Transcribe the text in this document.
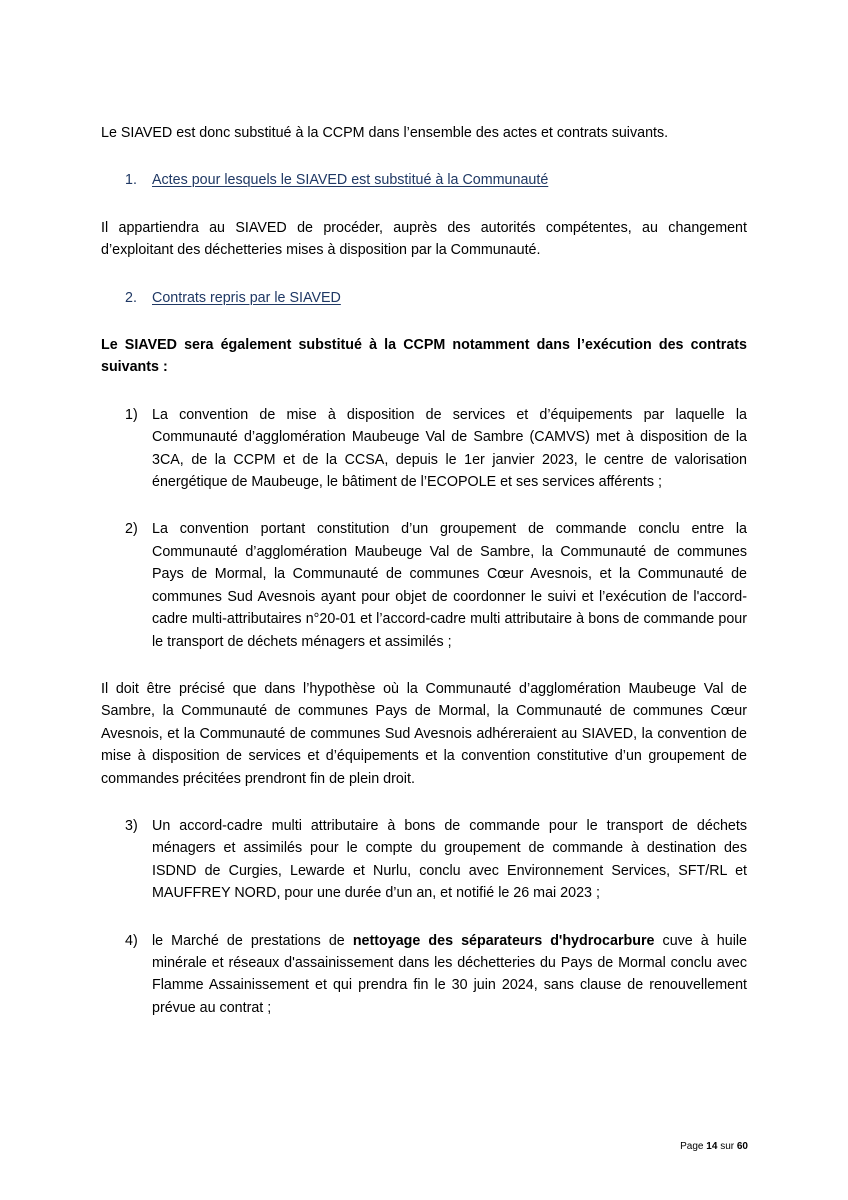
Le SIAVED est donc substitué à la CCPM dans l’ensemble des actes et contrats suivants.

1.	Actes pour lesquels le SIAVED est substitué à la Communauté

Il appartiendra au SIAVED de procéder, auprès des autorités compétentes, au changement d’exploitant des déchetteries mises à disposition par la Communauté.

2.	Contrats repris par le SIAVED

Le SIAVED sera également substitué à la CCPM notamment dans l’exécution des contrats suivants :

1) La convention de mise à disposition de services et d’équipements par laquelle la Communauté d’agglomération Maubeuge Val de Sambre (CAMVS) met à disposition de la 3CA, de la CCPM et de la CCSA, depuis le 1er janvier 2023, le centre de valorisation énergétique de Maubeuge, le bâtiment de l’ECOPOLE et ses services afférents ;
2) La convention portant constitution d’un groupement de commande conclu entre la Communauté d’agglomération Maubeuge Val de Sambre, la Communauté de communes Pays de Mormal, la Communauté de communes Cœur Avesnois, et la Communauté de communes Sud Avesnois ayant pour objet de coordonner le suivi et l’exécution de l'accord-cadre multi-attributaires n°20-01 et l’accord-cadre multi attributaire à bons de commande pour le transport de déchets ménagers et assimilés ;

Il doit être précisé que dans l’hypothèse où la Communauté d’agglomération Maubeuge Val de Sambre, la Communauté de communes Pays de Mormal, la Communauté de communes Cœur Avesnois, et la Communauté de communes Sud Avesnois adhéreraient au SIAVED, la convention de mise à disposition de services et d’équipements et la convention constitutive d’un groupement de commandes précitées prendront fin de plein droit.

3) Un accord-cadre multi attributaire à bons de commande pour le transport de déchets ménagers et assimilés pour le compte du groupement de commande à destination des ISDND de Curgies, Lewarde et Nurlu, conclu avec Environnement Services, SFT/RL et MAUFFREY NORD, pour une durée d’un an, et notifié le 26 mai 2023 ;
4) le Marché de prestations de nettoyage des séparateurs d'hydrocarbure cuve à huile minérale et réseaux d'assainissement dans les déchetteries du Pays de Mormal conclu avec Flamme Assainissement et qui prendra fin le 30 juin 2024, sans clause de renouvellement prévue au contrat ;
Page 14 sur 60
